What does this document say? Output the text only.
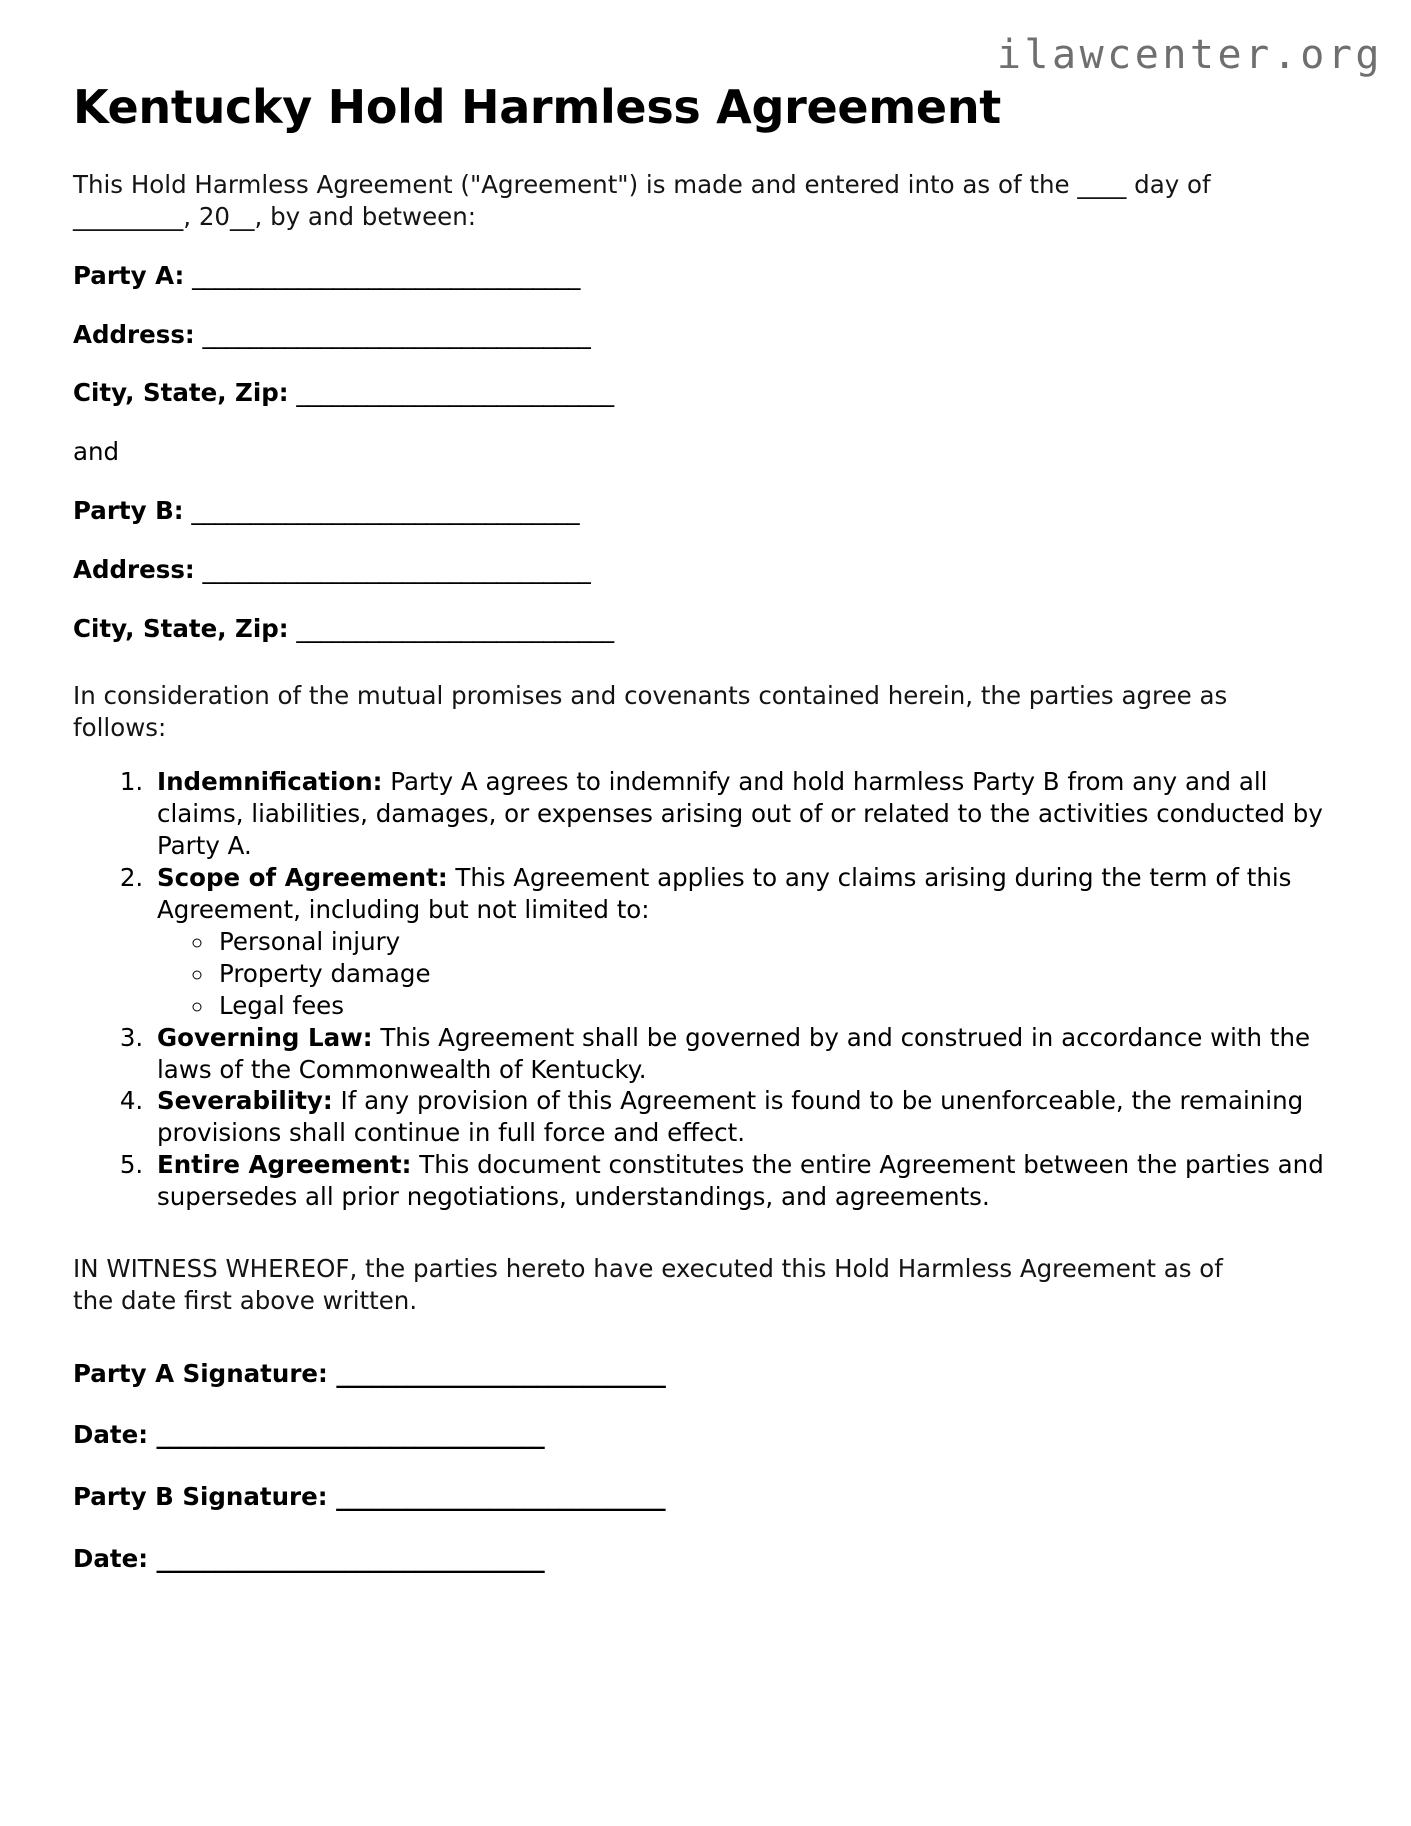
ilawcenter.org
Kentucky Hold Harmless Agreement

This Hold Harmless Agreement ("Agreement") is made and entered into as of the ____ day of _________, 20__, by and between:

Party A: _________________________________
Address: _________________________________
City, State, Zip: ___________________________
and
Party B: _________________________________
Address: _________________________________
City, State, Zip: ___________________________

In consideration of the mutual promises and covenants contained herein, the parties agree as follows:

1. Indemnification: Party A agrees to indemnify and hold harmless Party B from any and all claims, liabilities, damages, or expenses arising out of or related to the activities conducted by Party A.
2. Scope of Agreement: This Agreement applies to any claims arising during the term of this Agreement, including but not limited to:
◦ Personal injury
◦ Property damage
◦ Legal fees
3. Governing Law: This Agreement shall be governed by and construed in accordance with the laws of the Commonwealth of Kentucky.
4. Severability: If any provision of this Agreement is found to be unenforceable, the remaining provisions shall continue in full force and effect.
5. Entire Agreement: This document constitutes the entire Agreement between the parties and supersedes all prior negotiations, understandings, and agreements.

IN WITNESS WHEREOF, the parties hereto have executed this Hold Harmless Agreement as of the date first above written.

Party A Signature: ____________________________
Date: _________________________________
Party B Signature: ____________________________
Date: _________________________________
